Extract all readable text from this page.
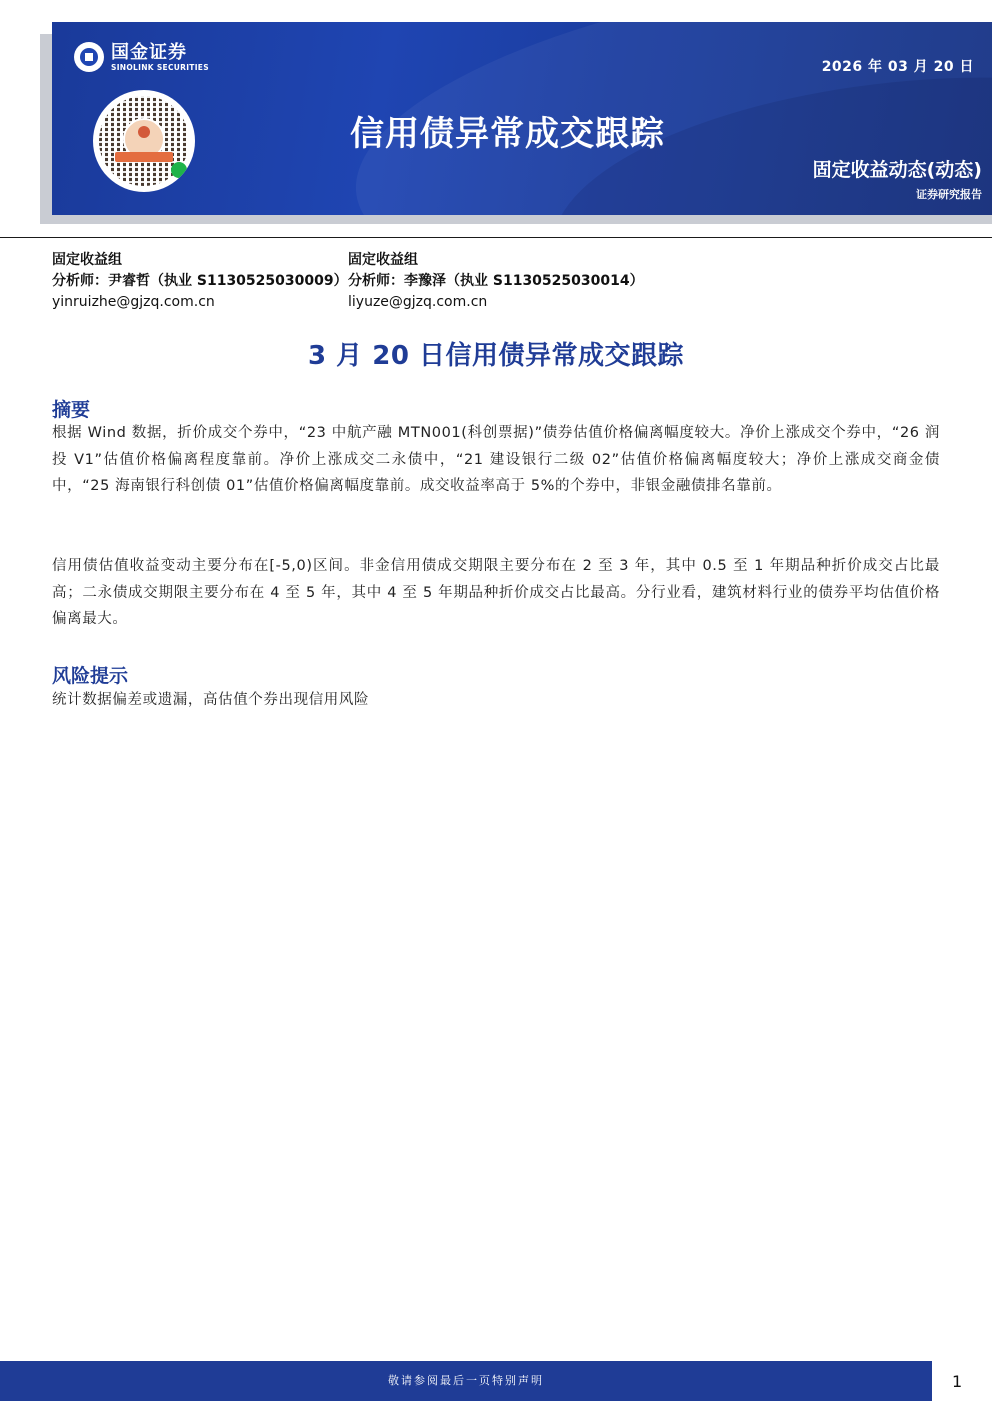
国金证券
SINOLINK SECURITIES	2026 年 03 月 20 日
信用债异常成交跟踪
固定收益动态(动态)
证券研究报告
固定收益组
分析师：尹睿哲（执业 S1130525030009）
yinruizhe@gjzq.com.cn
固定收益组
分析师：李豫泽（执业 S1130525030014）
liyuze@gjzq.com.cn
3 月 20 日信用债异常成交跟踪
摘要
根据 Wind 数据，折价成交个券中，“23 中航产融 MTN001(科创票据)”债券估值价格偏离幅度较大。净价上涨成交个券中，“26 润投 V1”估值价格偏离程度靠前。净价上涨成交二永债中，“21 建设银行二级 02”估值价格偏离幅度较大；净价上涨成交商金债中，“25 海南银行科创债 01”估值价格偏离幅度靠前。成交收益率高于 5%的个券中，非银金融债排名靠前。
信用债估值收益变动主要分布在[-5,0)区间。非金信用债成交期限主要分布在 2 至 3 年，其中 0.5 至 1 年期品种折价成交占比最高；二永债成交期限主要分布在 4 至 5 年，其中 4 至 5 年期品种折价成交占比最高。分行业看，建筑材料行业的债券平均估值价格偏离最大。
风险提示
统计数据偏差或遗漏，高估值个券出现信用风险
敬请参阅最后一页特别声明	1
